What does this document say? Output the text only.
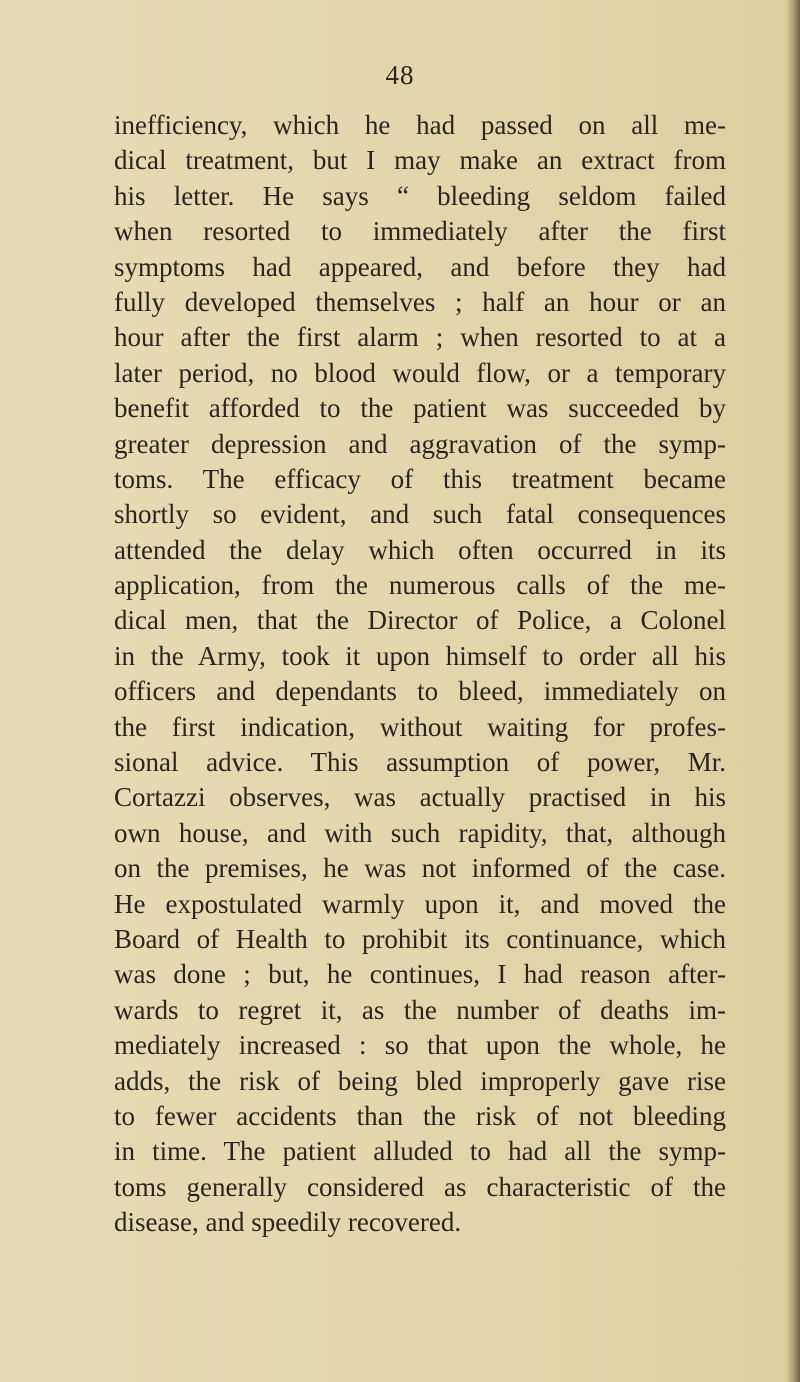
48
inefficiency, which he had passed on all me-
dical treatment, but I may make an extract from
his letter. He says “ bleeding seldom failed
when resorted to immediately after the first
symptoms had appeared, and before they had
fully developed themselves ; half an hour or an
hour after the first alarm ; when resorted to at a
later period, no blood would flow, or a temporary
benefit afforded to the patient was succeeded by
greater depression and aggravation of the symp-
toms. The efficacy of this treatment became
shortly so evident, and such fatal consequences
attended the delay which often occurred in its
application, from the numerous calls of the me-
dical men, that the Director of Police, a Colonel
in the Army, took it upon himself to order all his
officers and dependants to bleed, immediately on
the first indication, without waiting for profes-
sional advice. This assumption of power, Mr.
Cortazzi observes, was actually practised in his
own house, and with such rapidity, that, although
on the premises, he was not informed of the case.
He expostulated warmly upon it, and moved the
Board of Health to prohibit its continuance, which
was done ; but, he continues, I had reason after-
wards to regret it, as the number of deaths im-
mediately increased : so that upon the whole, he
adds, the risk of being bled improperly gave rise
to fewer accidents than the risk of not bleeding
in time. The patient alluded to had all the symp-
toms generally considered as characteristic of the
disease, and speedily recovered.
